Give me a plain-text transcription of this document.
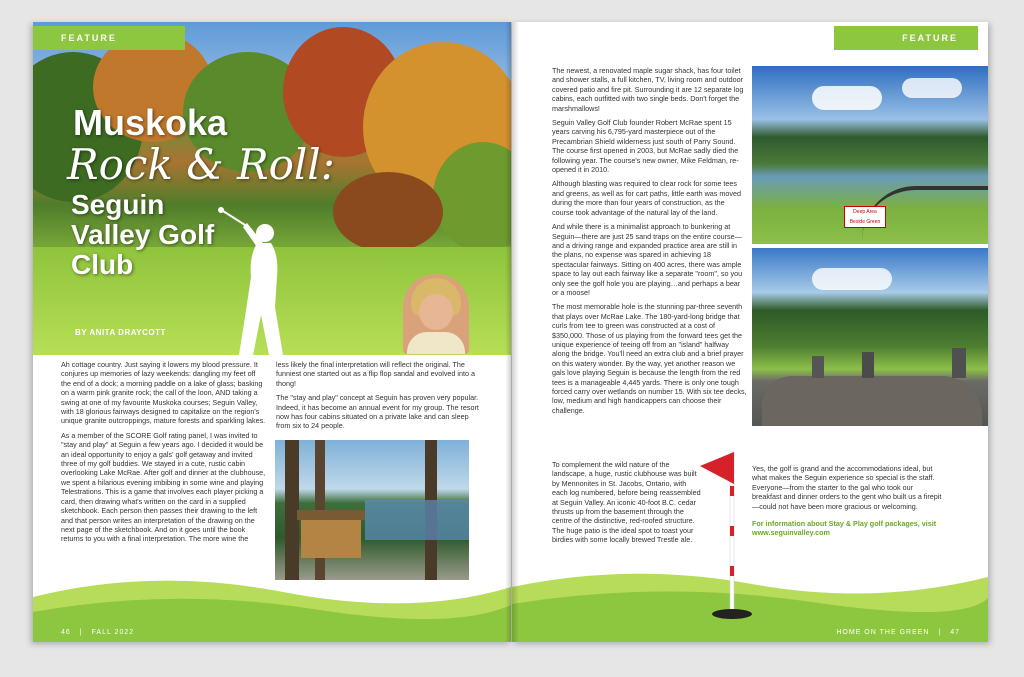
Muskoka
Rock & Roll:
Seguin Valley Golf Club
BY ANITA DRAYCOTT
FEATURE

Ah cottage country. Just saying it lowers my blood pressure. It conjures up memories of lazy weekends: dangling my feet off the end of a dock; a morning paddle on a lake of glass; basking on a warm pink granite rock; the call of the loon, AND taking a swing at one of my favourite Muskoka courses; Seguin Valley, with 18 glorious fairways designed to capitalize on the region's unique granite outcroppings, mature forests and sparkling lakes.

As a member of the SCORE Golf rating panel, I was invited to "stay and play" at Seguin a few years ago. I decided it would be an ideal opportunity to enjoy a gals' golf getaway and invited three of my golf buddies. We stayed in a cute, rustic cabin overlooking Lake McRae. After golf and dinner at the clubhouse, we spent a hilarious evening imbibing in some wine and playing Telestrations. This is a game that involves each player picking a card, then drawing what's written on the card in a supplied sketchbook. Each person then passes their drawing to the left and that person writes an interpretation of the drawing on the next page of the sketchbook. And on it goes until the book returns to you with a final interpretation. The more wine the

less likely the final interpretation will reflect the original. The funniest one started out as a flip flop sandal and evolved into a thong!

The "stay and play" concept at Seguin has proven very popular. Indeed, it has become an annual event for my group. The resort now has four cabins situated on a private lake and can sleep from six to 24 people.

46 | FALL 2022
FEATURE

The newest, a renovated maple sugar shack, has four toilet and shower stalls, a full kitchen, TV, living room and outdoor covered patio and fire pit. Surrounding it are 12 separate log cabins, each outfitted with two single beds. Don't forget the marshmallows!

Seguin Valley Golf Club founder Robert McRae spent 15 years carving his 6,795-yard masterpiece out of the Precambrian Shield wilderness just south of Parry Sound. The course first opened in 2003, but McRae sadly died the following year. The course's new owner, Mike Feldman, re-opened it in 2010.

Although blasting was required to clear rock for some tees and greens, as well as for cart paths, little earth was moved during the more than four years of construction, as the course took advantage of the natural lay of the land.

And while there is a minimalist approach to bunkering at Seguin—there are just 25 sand traps on the entire course—and a driving range and expanded practice area are still in the plans, no expense was spared in achieving 18 spectacular fairways. Sitting on 400 acres, there was ample space to lay out each fairway like a separate "room", so you only see the golf hole you are playing…and perhaps a bear or a moose!

The most memorable hole is the stunning par-three seventh that plays over McRae Lake. The 180-yard-long bridge that curls from tee to green was constructed at a cost of $350,000. Those of us playing from the forward tees get the unique experience of teeing off from an "island" halfway along the bridge. You'll need an extra club and a brief prayer on this watery wonder. By the way, yet another reason we gals love playing Seguin is because the length from the red tees is a manageable 4,445 yards. There is only one tough forced carry over wetlands on number 15. With six tee decks, low, medium and high handicappers can choose their challenge.

To complement the wild nature of the landscape, a huge, rustic clubhouse was built by Mennonites in St. Jacobs, Ontario, with each log numbered, before being reassembled at Seguin Valley. An iconic 40-foot B.C. cedar thrusts up from the basement through the centre of the distinctive, red-roofed structure. The huge patio is the ideal spot to toast your birdies with some locally brewed Trestle ale.

Deep Area Beside Green

Yes, the golf is grand and the accommodations ideal, but what makes the Seguin experience so special is the staff. Everyone—from the starter to the gal who took our breakfast and dinner orders to the gent who built us a firepit—could not have been more gracious or welcoming.

For information about Stay & Play golf packages, visit www.seguinvalley.com
HOME ON THE GREEN | 47
